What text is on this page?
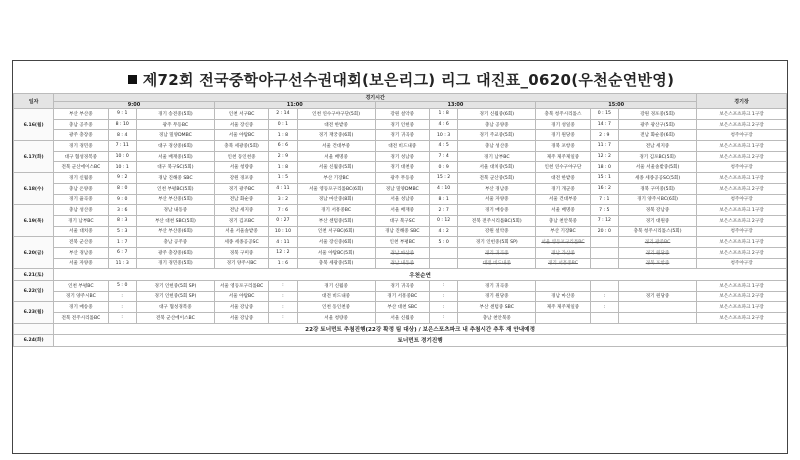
제72회 전국중학야구선수권대회(보은리그) 리그 대진표_0620(우천순연반영)
일자	경기시간												경기장
	9:00			11:00			13:00			15:00			
6.16(월)	부산 부산중	9 : 1	경기 송전중(5회)	인천 서구BC	2 : 14	인천 연수구야구단(5회)	강원 설악중	1 : 8	경기 신월중(6회)	충북 청주시리틀스	0 : 15	강원 경포중(5회)	보은스포츠파크 1구장
	충남 공주중	8 : 10	광주 무등BC	서울 장신중	0 : 1	대전 한밭중	경기 인헌중	4 : 6	충남 공양중	경기 성일중	14 : 7	광주 광산구(5회)	보은스포츠파크 2구장
	광주 충장중	8 : 4	경남 밀양DMBC	서울 야탑BC	1 : 8	경기 재궁중(6회)	경기 귀곡중	10 : 3	경기 주교중(5회)	경기 원당중	2 : 9	전남 화순중(6회)	청주야구장
6.17(화)	경기 경민중	7 : 11	대구 경상중(6회)	충북 세광중(5회)	6 : 6	서울 건대부중	대전 비드내중	4 : 5	충남 성산중	경북 포항중	11 : 7	전남 세지중	보은스포츠파크 1구장
	대구 협성경복중	10 : 0	서울 배재중(5회)	인천 동인천중	2 : 9	서울 배명중	경기 성남중	7 : 4	경기 남부BC	제주 제주제일중	12 : 2	경기 김포BC(5회)	보은스포츠파크 2구장
	전북 군산에이스BC	10 : 1	대구 북구SC(5회)	서울 청량중	1 : 8	서울 신월중(5회)	경기 대천중	0 : 9	서울 대치중(5회)	인천 연수구야구단	18 : 0	서울 서울솔밭중(5회)	청주야구장
6.18(수)	경기 신월중	9 : 2	경남 진해중 SBC	강원 경포중	1 : 5	부산 기장BC	광주 무등중	15 : 2	전북 군산중(5회)	대전 한밭중	15 : 1	세종 세종공공SC(5회)	보은스포츠파크 1구장
	충남 온양중	8 : 0	인천 부평BC(5회)	경기 광주BC	4 : 11	서울 영등포구리틀BC(6회)	경남 밀양DMBC	4 : 10	부산 경남중	경기 개군중	16 : 2	경북 구미중(5회)	보은스포츠파크 2구장
	경기 율곡중	9 : 0	부산 부산중(5회)	전남 화순중	3 : 2	경남 마산중(8회)	서울 성남중	8 : 1	서울 자양중	서울 건대부중	7 : 1	경기 양주시BC(6회)	청주야구장
6.19(목)	충남 성산중	3 : 6	경남 내동중	전남 세지중	7 : 6	경기 서흥중BC	서울 배재중	2 : 7	경기 매송중	서울 배명중	7 : 5	경북 강남중	보은스포츠파크 1구장
	경기 남부BC	8 : 3	부산 대천 SBC(5회)	경기 김포BC	0 : 27	부산 센텀중(5회)	대구 북구SC	0 : 12	전북 전주시리틀BC(5회)	충남 천안북중	7 : 12	경기 대원중	보은스포츠파크 2구장
	서울 대치중	5 : 3	부산 부산중(6회)	서울 서울솔밭중	10 : 10	인천 서구BC(6회)	경남 진해중 SBC	4 : 2	강원 설악중	부산 기장BC	20 : 0	충북 청주시리틀스(5회)	청주야구장
6.20(금)	전북 군산중	1 : 7	충남 공주중	세종 세종공공SC	4 : 11	서울 장신중(6회)	인천 부평BC	5 : 0	경기 인헌중(5회 SP)	서울 영등포구리틀BC		경기 광주BC	보은스포츠파크 1구장
	부산 경남중	6 : 7	광주 충장중(6회)	경북 구미중	12 : 2	서울 야탑BC(5회)	경남 마산중		경기 귀곡중	경남 가산중		경기 원당중	보은스포츠파크 2구장
	서울 자양중	11 : 3	경기 경민중(5회)	경기 양주시BC	1 : 6	충북 세광중(5회)	경남 내동중		대전 비드내중	경기 서흥중BC		경북 포항중	청주야구장
6.21(토)	우천순연												
6.22(일)	인천 부평BC	5 : 0	경기 인헌중(5회 SP)	서울 영등포구리틀BC	:	경기 신월중	경기 귀곡중	:	경기 귀곡중				보은스포츠파크 1구장
	경기 양주시BC	:	경기 인헌중(5회 SP)	서울 야탑BC	:	대전 비드내중	경기 서흥중BC	:	경기 원당중	경남 마산중	:	경기 원당중	보은스포츠파크 2구장
6.23(월)	경기 매송중	:	대구 협성경복중	서울 강남중	:	인천 동인천중	부산 대천 SBC	:	부산 센텀중 SBC	제주 제주제일중	:		보은스포츠파크 1구장
	전북 전주시리틀BC	:	전북 군산에이스BC	서울 강남중	:	서울 청량중	서울 신월중	:	충남 천안북중				보은스포츠파크 2구장
	22강 토너먼트 추첨진행(22강 확정 팀 대상) / 보은스포츠파크 내 추첨시간 추후 재 안내예정												
6.24(화)	토너먼트 경기진행												
